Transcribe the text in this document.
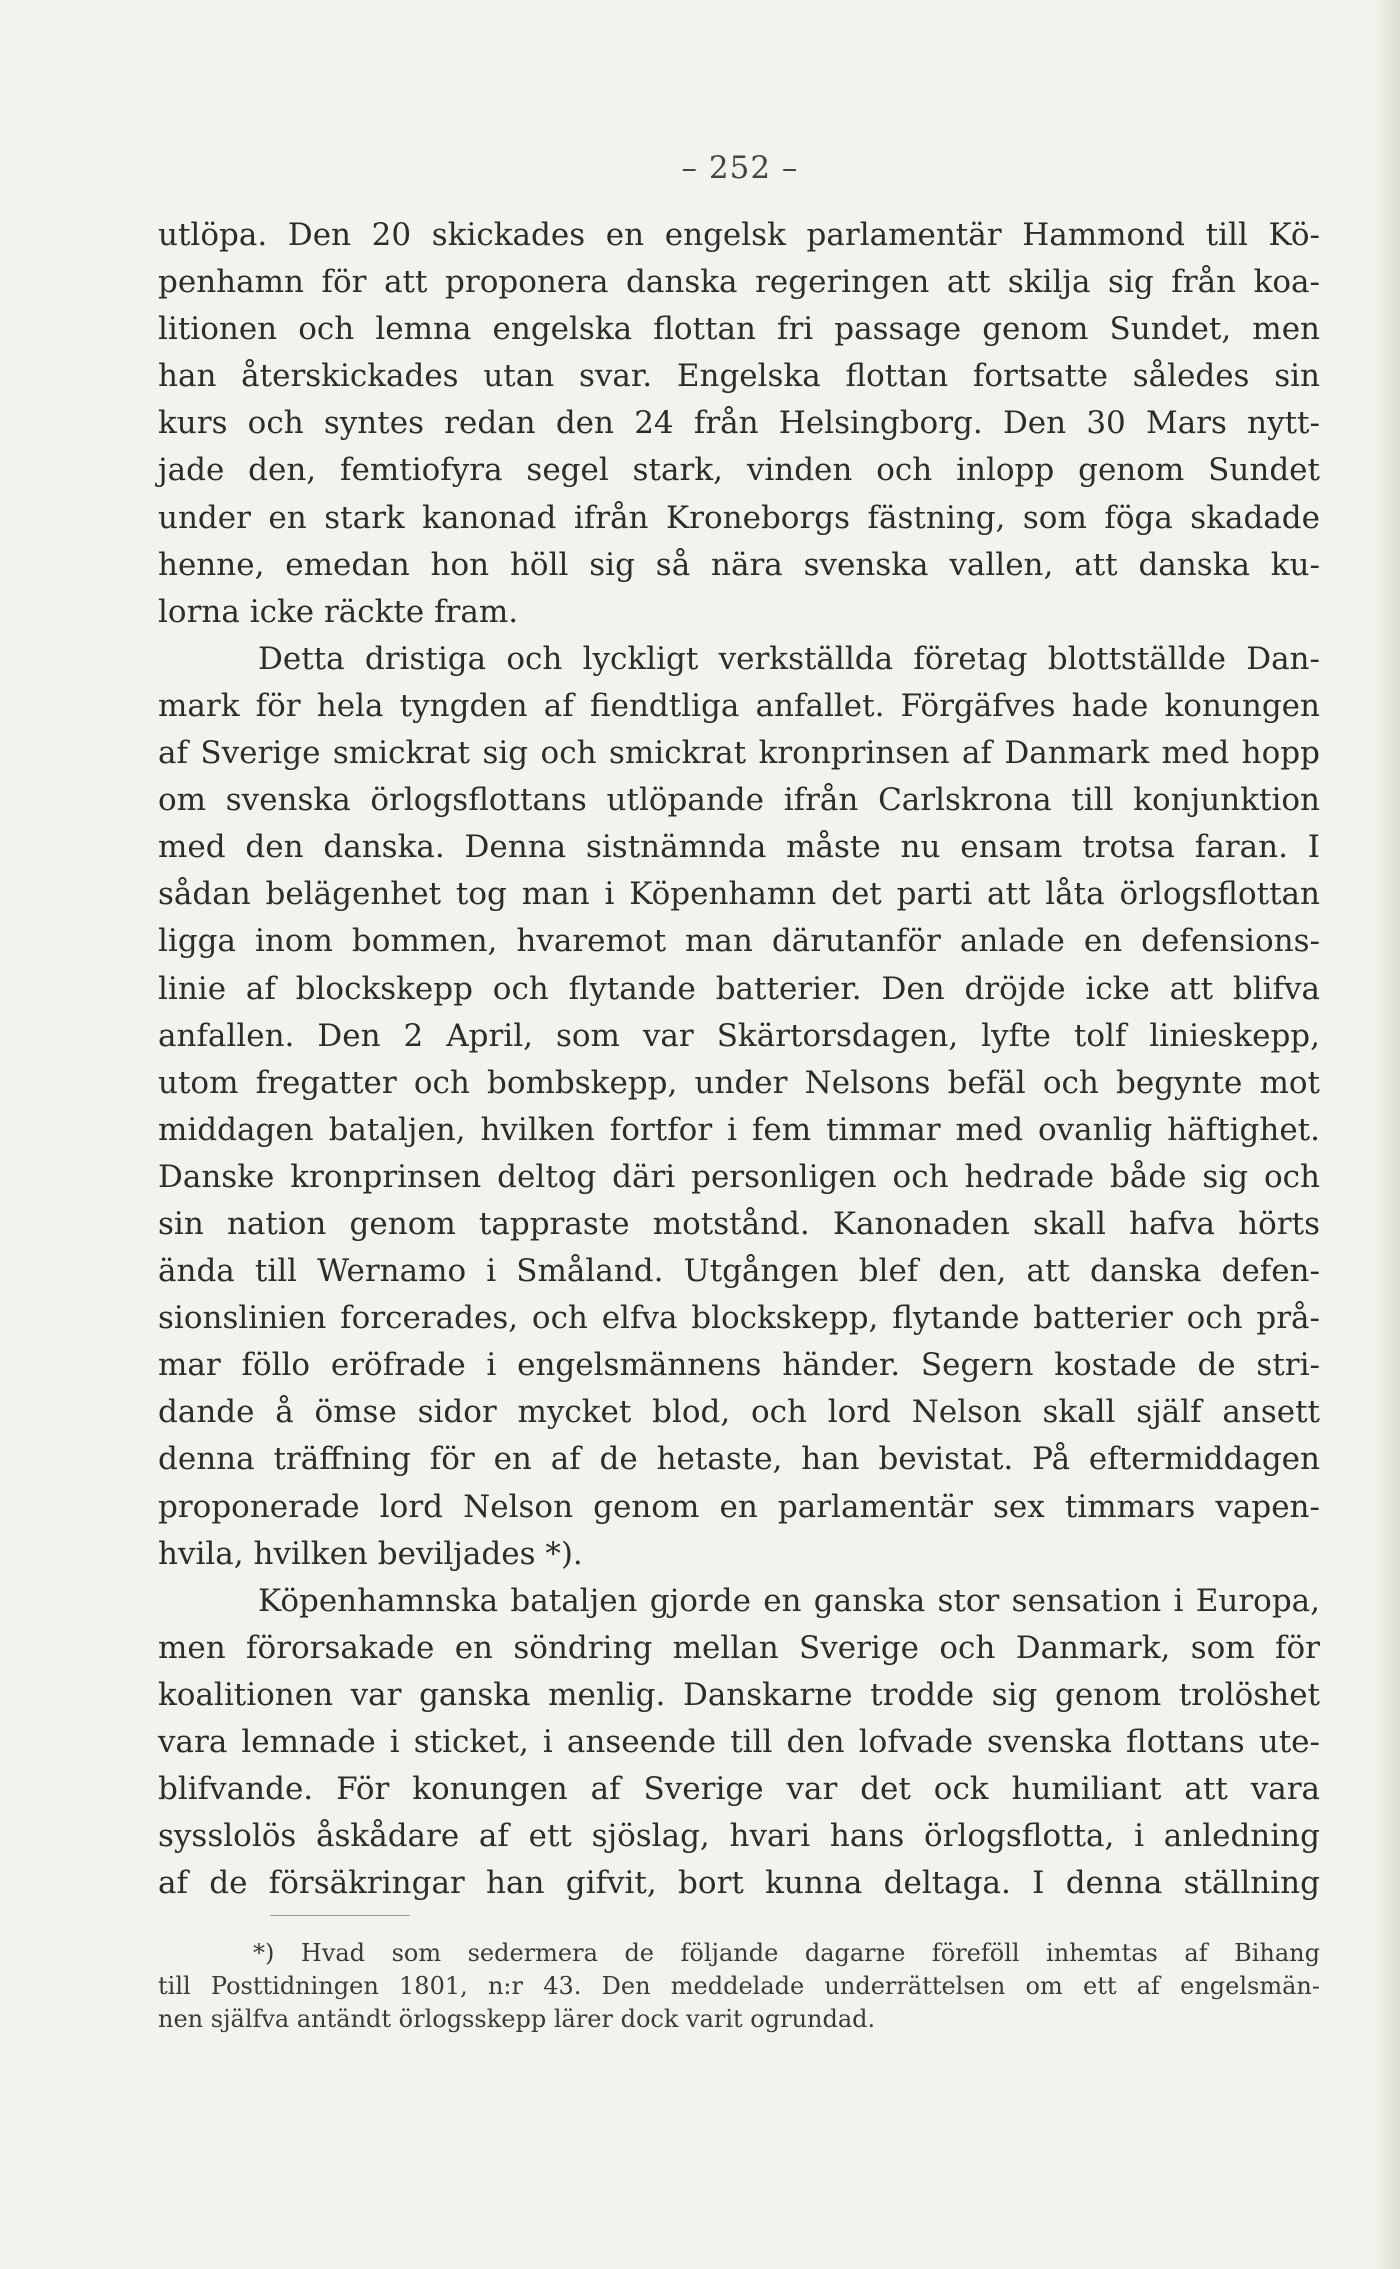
– 252 –
utlöpa. Den 20 skickades en engelsk parlamentär Hammond till Kö-
penhamn för att proponera danska regeringen att skilja sig från koa-
litionen och lemna engelska flottan fri passage genom Sundet, men
han återskickades utan svar. Engelska flottan fortsatte således sin
kurs och syntes redan den 24 från Helsingborg. Den 30 Mars nytt-
jade den, femtiofyra segel stark, vinden och inlopp genom Sundet
under en stark kanonad ifrån Kroneborgs fästning, som föga skadade
henne, emedan hon höll sig så nära svenska vallen, att danska ku-
lorna icke räckte fram.
Detta dristiga och lyckligt verkställda företag blottställde Dan-
mark för hela tyngden af fiendtliga anfallet. Förgäfves hade konungen
af Sverige smickrat sig och smickrat kronprinsen af Danmark med hopp
om svenska örlogsflottans utlöpande ifrån Carlskrona till konjunktion
med den danska. Denna sistnämnda måste nu ensam trotsa faran. I
sådan belägenhet tog man i Köpenhamn det parti att låta örlogsflottan
ligga inom bommen, hvaremot man därutanför anlade en defensions-
linie af blockskepp och flytande batterier. Den dröjde icke att blifva
anfallen. Den 2 April, som var Skärtorsdagen, lyfte tolf linieskepp,
utom fregatter och bombskepp, under Nelsons befäl och begynte mot
middagen bataljen, hvilken fortfor i fem timmar med ovanlig häftighet.
Danske kronprinsen deltog däri personligen och hedrade både sig och
sin nation genom tappraste motstånd. Kanonaden skall hafva hörts
ända till Wernamo i Småland. Utgången blef den, att danska defen-
sionslinien forcerades, och elfva blockskepp, flytande batterier och prå-
mar föllo eröfrade i engelsmännens händer. Segern kostade de stri-
dande å ömse sidor mycket blod, och lord Nelson skall själf ansett
denna träffning för en af de hetaste, han bevistat. På eftermiddagen
proponerade lord Nelson genom en parlamentär sex timmars vapen-
hvila, hvilken beviljades *).
Köpenhamnska bataljen gjorde en ganska stor sensation i Europa,
men förorsakade en söndring mellan Sverige och Danmark, som för
koalitionen var ganska menlig. Danskarne trodde sig genom trolöshet
vara lemnade i sticket, i anseende till den lofvade svenska flottans ute-
blifvande. För konungen af Sverige var det ock humiliant att vara
sysslolös åskådare af ett sjöslag, hvari hans örlogsflotta, i anledning
af de försäkringar han gifvit, bort kunna deltaga. I denna ställning
*) Hvad som sedermera de följande dagarne föreföll inhemtas af Bihang
till Posttidningen 1801, n:r 43. Den meddelade underrättelsen om ett af engelsmän-
nen själfva antändt örlogsskepp lärer dock varit ogrundad.
